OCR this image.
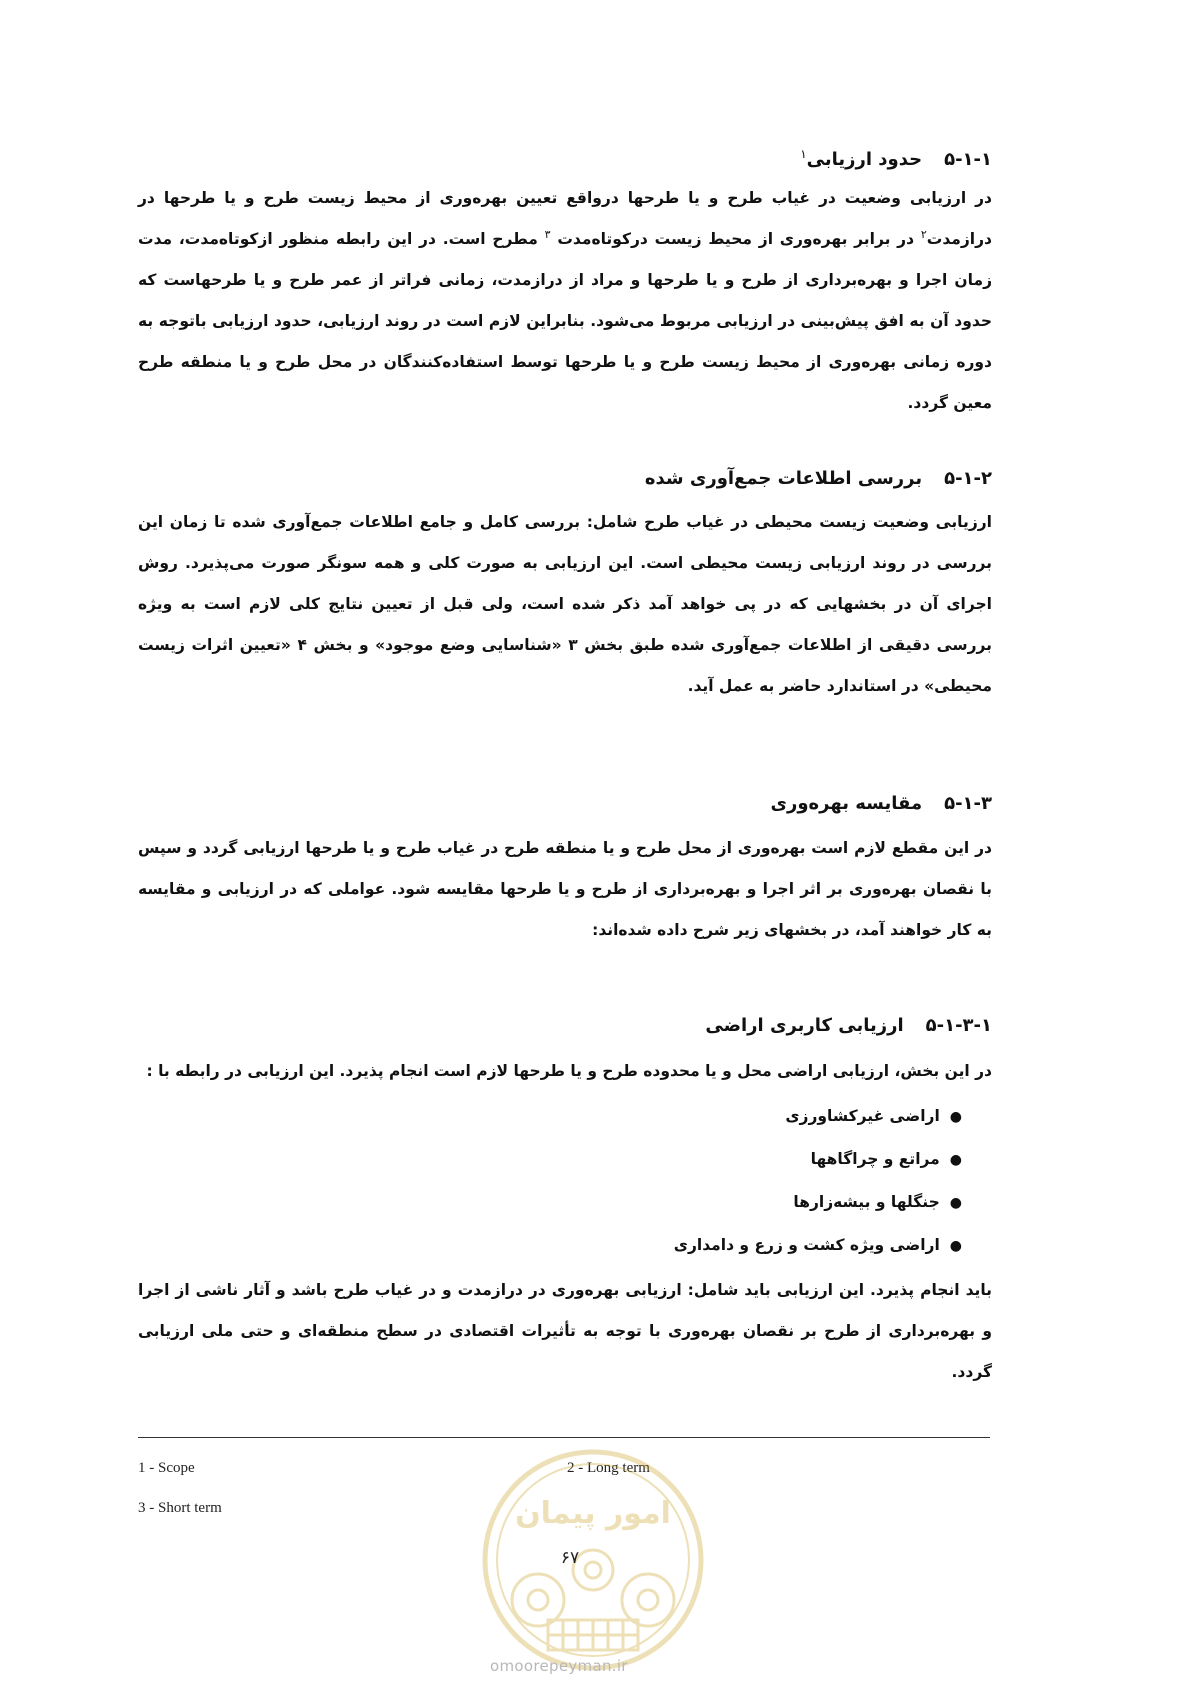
۵-۱-۱حدود ارزیابی$^۱$
در ارزیابی وضعیت در غیاب طرح و یا طرحها درواقع تعیین بهره‌وری از محیط زیست طرح و یا طرحها در درازمدت$^۲$ در برابر بهره‌وری از محیط زیست درکوتاه‌مدت $^۳$ مطرح است. در این رابطه منظور ازکوتاه‌مدت، مدت زمان اجرا و بهره‌برداری از طرح و یا طرحها و مراد از درازمدت، زمانی فراتر از عمر طرح و یا طرحهاست که حدود آن به افق پیش‌بینی در ارزیابی مربوط می‌شود. بنابراین لازم است در روند ارزیابی، حدود ارزیابی باتوجه به دوره زمانی بهره‌وری از محیط زیست طرح و یا طرحها توسط استفاده‌کنندگان در محل طرح و یا منطقه طرح معین گردد.
۵-۱-۲بررسی اطلاعات جمع‌آوری شده
ارزیابی وضعیت زیست محیطی در غیاب طرح شامل: بررسی کامل و جامع اطلاعات جمع‌آوری شده تا زمان این بررسی در روند ارزیابی زیست محیطی است. این ارزیابی به صورت کلی و همه سونگر صورت می‌پذیرد. روش اجرای آن در بخشهایی که در پی خواهد آمد ذکر شده است، ولی قبل از تعیین نتایج کلی لازم است به ویژه بررسی دقیقی از اطلاعات جمع‌آوری شده طبق بخش ۳ «شناسایی وضع موجود» و بخش ۴ «تعیین اثرات زیست محیطی» در استاندارد حاضر به عمل آید.
۵-۱-۳مقایسه بهره‌وری
در این مقطع لازم است بهره‌وری از محل طرح و یا منطقه طرح در غیاب طرح و یا طرحها ارزیابی گردد و سپس با نقصان بهره‌وری بر اثر اجرا و بهره‌برداری از طرح و یا طرحها مقایسه شود. عواملی که در ارزیابی و مقایسه به کار خواهند آمد، در بخشهای زیر شرح داده شده‌اند:
۵-۱-۳-۱ارزیابی کاربری اراضی
در این بخش، ارزیابی اراضی محل و یا محدوده طرح و یا طرحها لازم است انجام پذیرد. این ارزیابی در رابطه با :
● اراضی غیرکشاورزی
● مراتع و چراگاهها
● جنگلها و بیشه‌زارها
● اراضی ویژه کشت و زرع و دامداری
باید انجام پذیرد. این ارزیابی باید شامل: ارزیابی بهره‌وری در درازمدت و در غیاب طرح باشد و آثار ناشی از اجرا و بهره‌برداری از طرح بر نقصان بهره‌وری با توجه به تأثیرات اقتصادی در سطح منطقه‌ای و حتی ملی ارزیابی گردد.
1 - Scope	2 - Long term
3 - Short term	امور پیمان
۶۷
omoorepeyman.ir
